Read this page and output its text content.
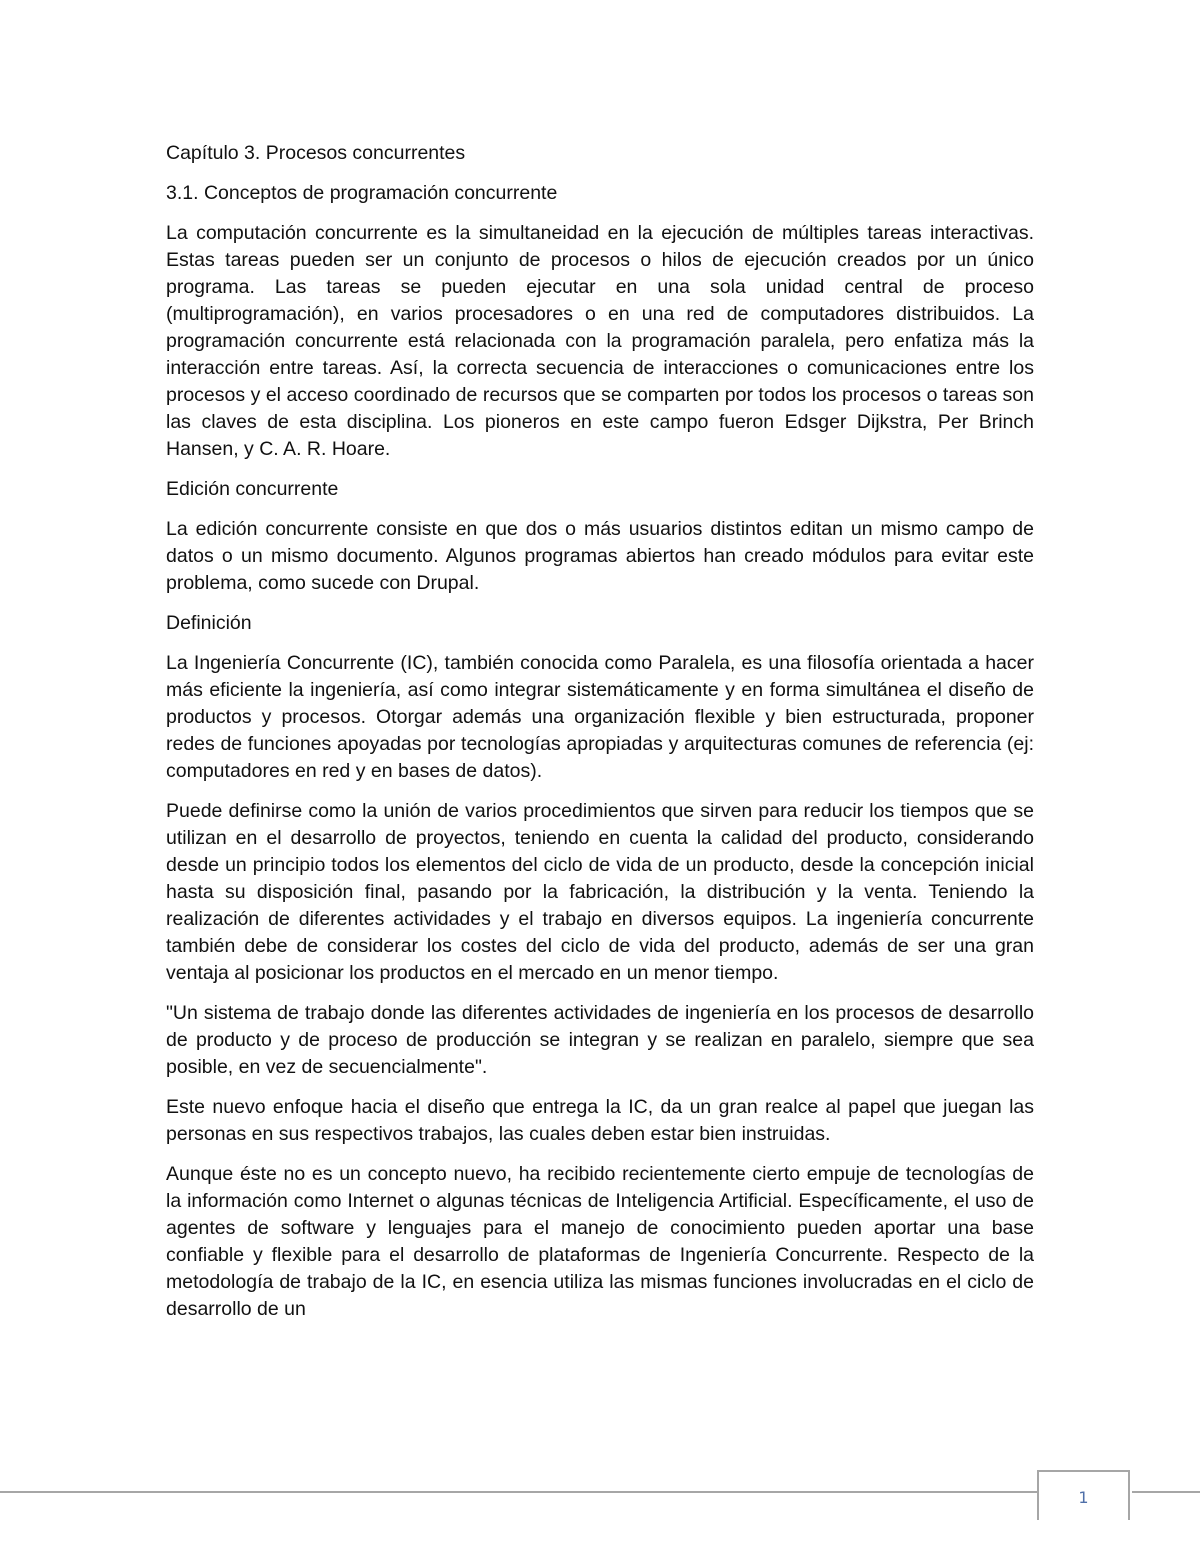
Capítulo 3. Procesos concurrentes

3.1. Conceptos de programación concurrente

La computación concurrente es la simultaneidad en la ejecución de múltiples tareas interactivas. Estas tareas pueden ser un conjunto de procesos o hilos de ejecución creados por un único programa. Las tareas se pueden ejecutar en una sola unidad central de proceso (multiprogramación), en varios procesadores o en una red de computadores distribuidos. La programación concurrente está relacionada con la programación paralela, pero enfatiza más la interacción entre tareas. Así, la correcta secuencia de interacciones o comunicaciones entre los procesos y el acceso coordinado de recursos que se comparten por todos los procesos o tareas son las claves de esta disciplina. Los pioneros en este campo fueron Edsger Dijkstra, Per Brinch Hansen, y C. A. R. Hoare.

Edición concurrente

La edición concurrente consiste en que dos o más usuarios distintos editan un mismo campo de datos o un mismo documento. Algunos programas abiertos han creado módulos para evitar este problema, como sucede con Drupal.

Definición

La Ingeniería Concurrente (IC), también conocida como Paralela, es una filosofía orientada a hacer más eficiente la ingeniería, así como integrar sistemáticamente y en forma simultánea el diseño de productos y procesos. Otorgar además una organización flexible y bien estructurada, proponer redes de funciones apoyadas por tecnologías apropiadas y arquitecturas comunes de referencia (ej: computadores en red y en bases de datos).

Puede definirse como la unión de varios procedimientos que sirven para reducir los tiempos que se utilizan en el desarrollo de proyectos, teniendo en cuenta la calidad del producto, considerando desde un principio todos los elementos del ciclo de vida de un producto, desde la concepción inicial hasta su disposición final, pasando por la fabricación, la distribución y la venta. Teniendo la realización de diferentes actividades y el trabajo en diversos equipos. La ingeniería concurrente también debe de considerar los costes del ciclo de vida del producto, además de ser una gran ventaja al posicionar los productos en el mercado en un menor tiempo.

"Un sistema de trabajo donde las diferentes actividades de ingeniería en los procesos de desarrollo de producto y de proceso de producción se integran y se realizan en paralelo, siempre que sea posible, en vez de secuencialmente".

Este nuevo enfoque hacia el diseño que entrega la IC, da un gran realce al papel que juegan las personas en sus respectivos trabajos, las cuales deben estar bien instruidas.

Aunque éste no es un concepto nuevo, ha recibido recientemente cierto empuje de tecnologías de la información como Internet o algunas técnicas de Inteligencia Artificial. Específicamente, el uso de agentes de software y lenguajes para el manejo de conocimiento pueden aportar una base confiable y flexible para el desarrollo de plataformas de Ingeniería Concurrente. Respecto de la metodología de trabajo de la IC, en esencia utiliza las mismas funciones involucradas en el ciclo de desarrollo de un

1
